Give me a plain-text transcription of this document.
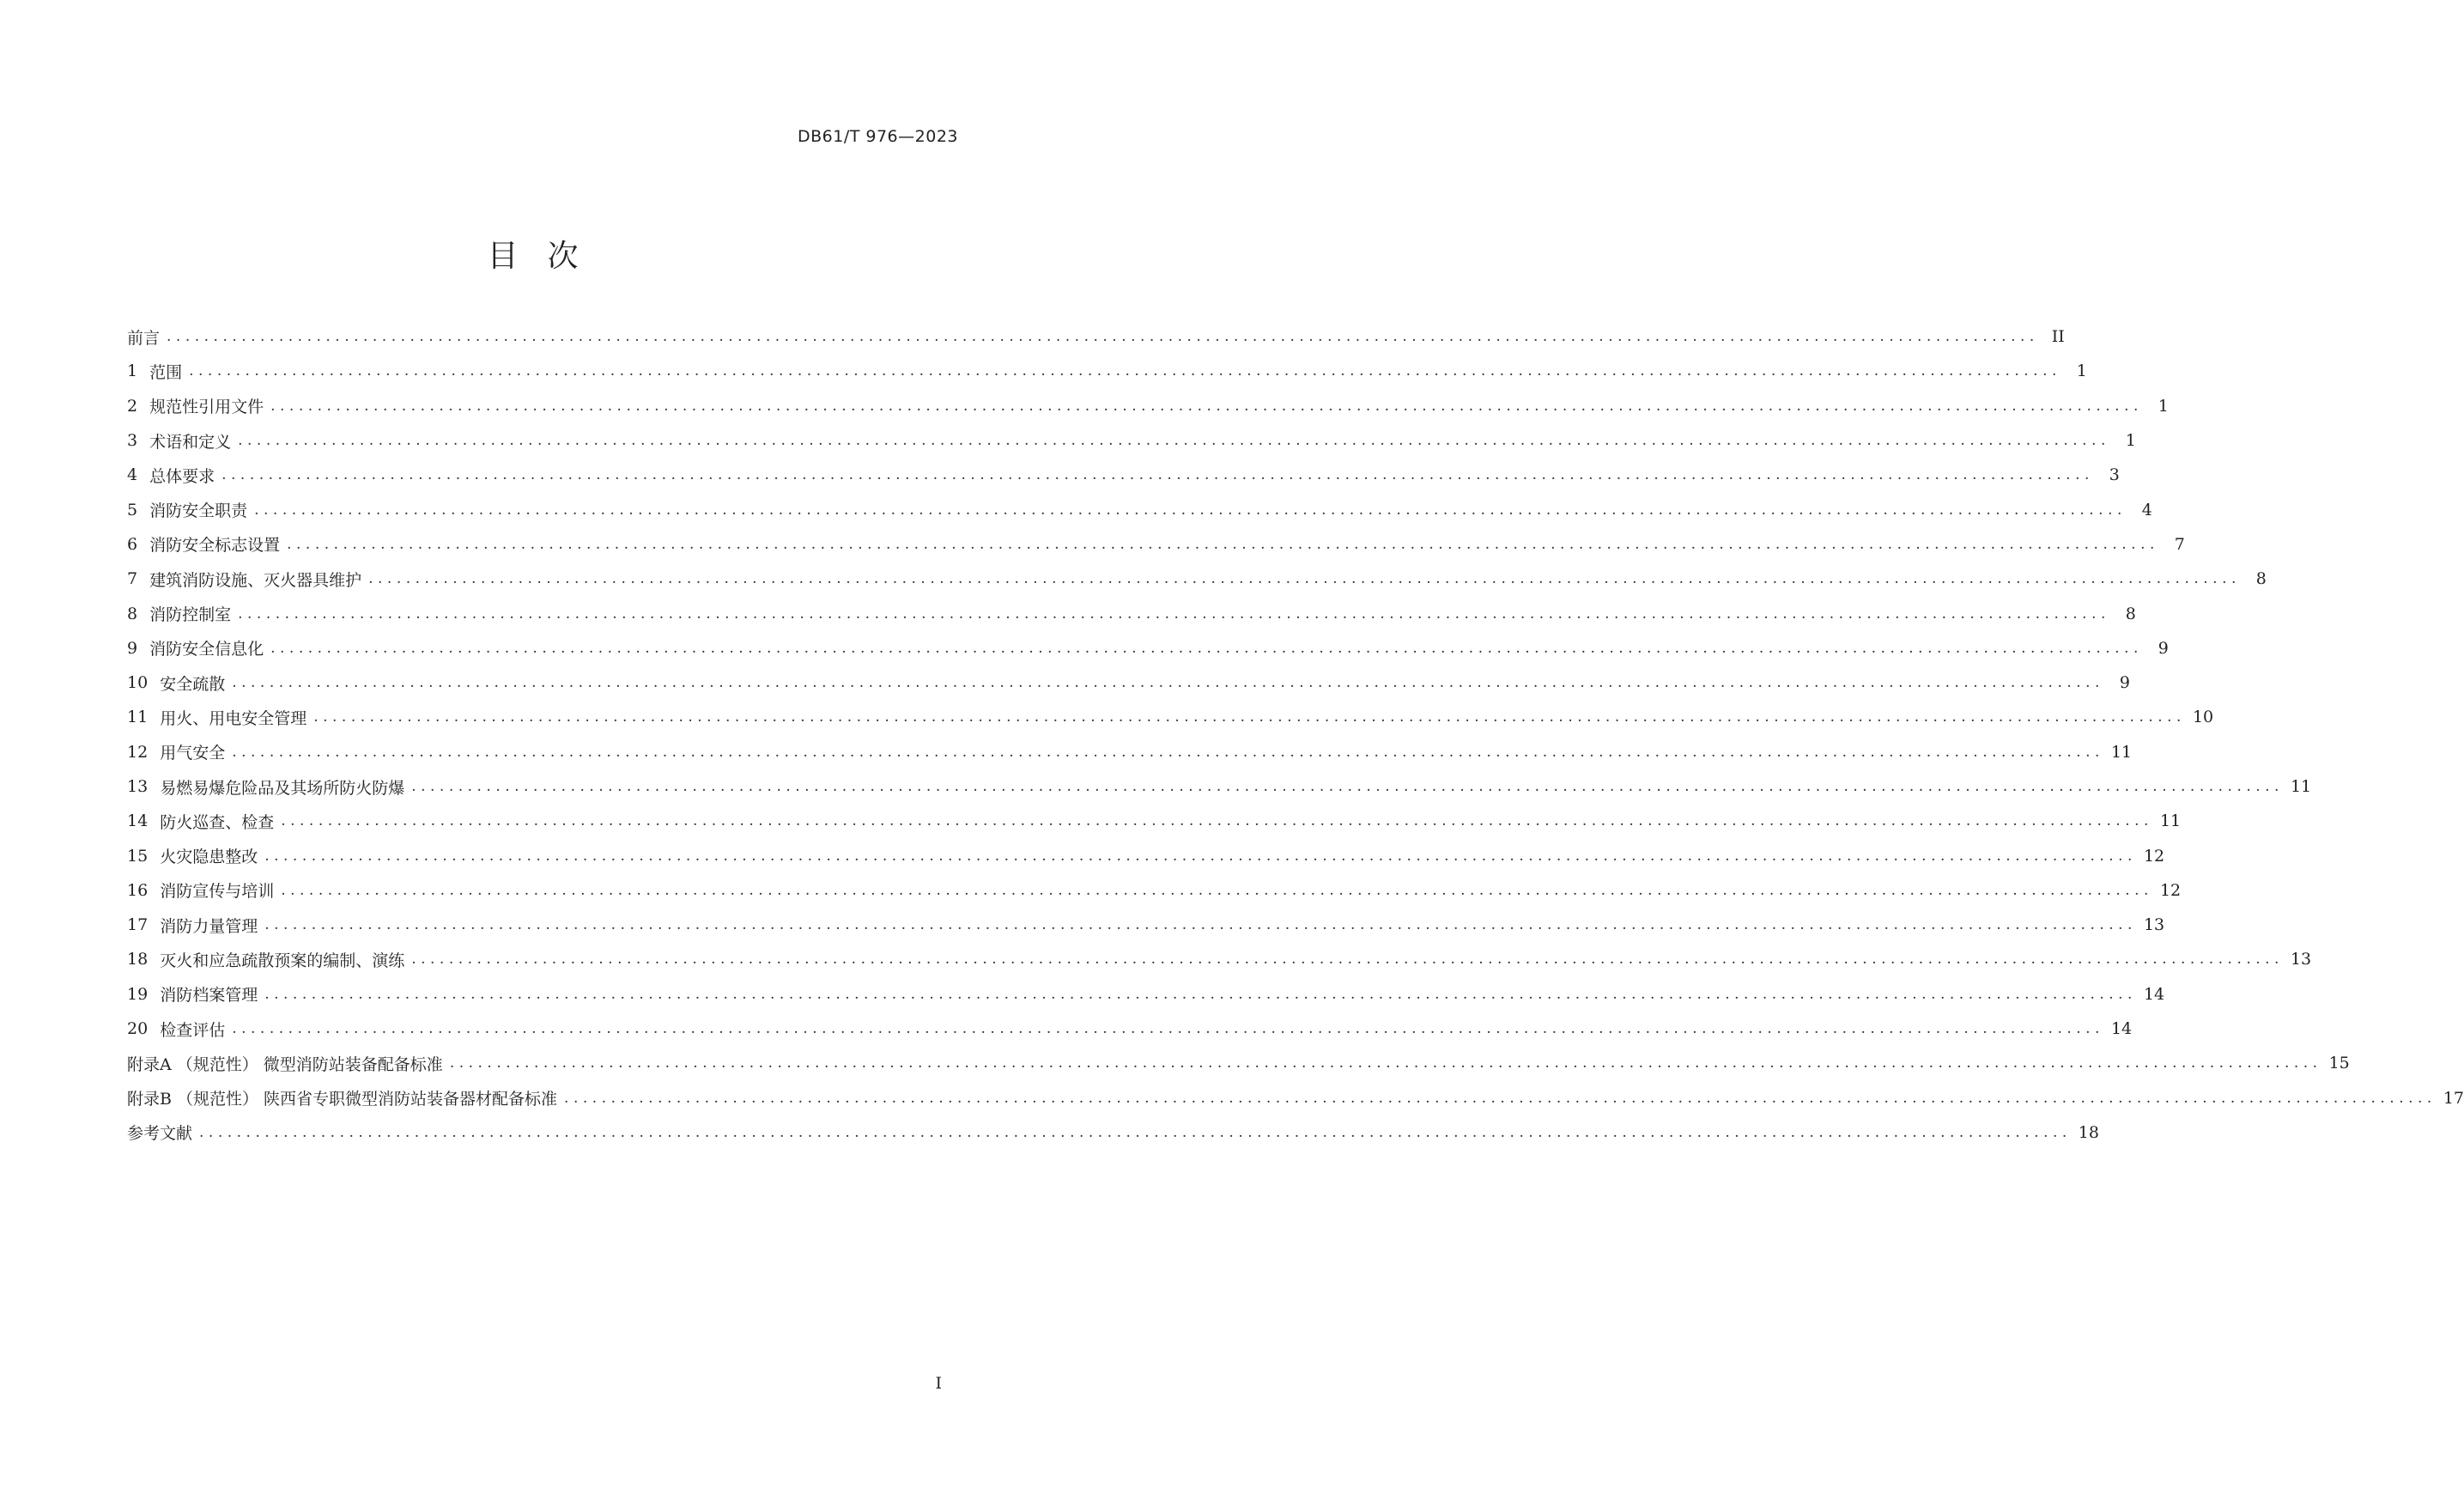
DB61/T 976—2023
目次
前言 ........................................................................................................................................................................................................ II
1 范围 ........................................................................................................................................................................................................ 1
2 规范性引用文件 ........................................................................................................................................................................................................ 1
3 术语和定义 ........................................................................................................................................................................................................ 1
4 总体要求 ........................................................................................................................................................................................................ 3
5 消防安全职责 ........................................................................................................................................................................................................ 4
6 消防安全标志设置 ........................................................................................................................................................................................................ 7
7 建筑消防设施、灭火器具维护 ........................................................................................................................................................................................................ 8
8 消防控制室 ........................................................................................................................................................................................................ 8
9 消防安全信息化 ........................................................................................................................................................................................................ 9
10 安全疏散 ........................................................................................................................................................................................................ 9
11 用火、用电安全管理 ........................................................................................................................................................................................................ 10
12 用气安全 ........................................................................................................................................................................................................ 11
13 易燃易爆危险品及其场所防火防爆 ........................................................................................................................................................................................................ 11
14 防火巡查、检查 ........................................................................................................................................................................................................ 11
15 火灾隐患整改 ........................................................................................................................................................................................................ 12
16 消防宣传与培训 ........................................................................................................................................................................................................ 12
17 消防力量管理 ........................................................................................................................................................................................................ 13
18 灭火和应急疏散预案的编制、演练 ........................................................................................................................................................................................................ 13
19 消防档案管理 ........................................................................................................................................................................................................ 14
20 检查评估 ........................................................................................................................................................................................................ 14
附录A （规范性） 微型消防站装备配备标准 ........................................................................................................................................................................................................ 15
附录B （规范性） 陕西省专职微型消防站装备器材配备标准 ........................................................................................................................................................................................................ 17
参考文献 ........................................................................................................................................................................................................ 18
I
